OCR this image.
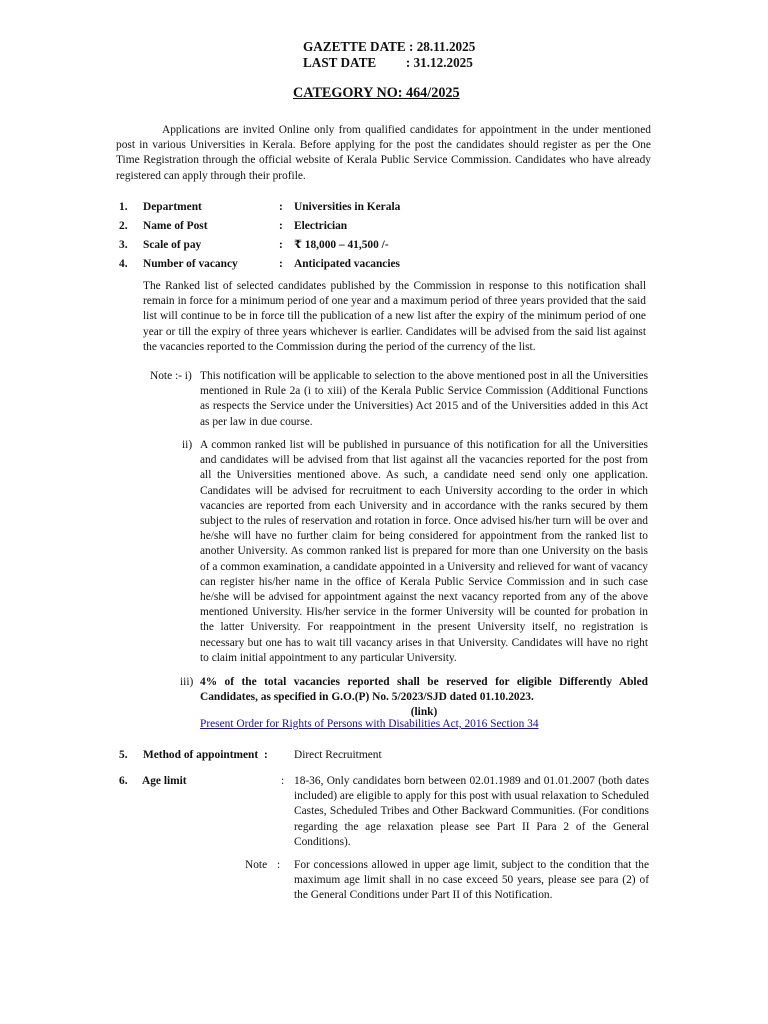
GAZETTE DATE : 28.11.2025
LAST DATE         : 31.12.2025
CATEGORY NO: 464/2025
Applications are invited Online only from qualified candidates for appointment in the under mentioned post in various Universities in Kerala. Before applying for the post the candidates should register as per the One Time Registration through the official website of Kerala Public Service Commission. Candidates who have already registered can apply through their profile.
1. Department	: Universities in Kerala
2. Name of Post	: Electrician
3. Scale of pay	: ₹ 18,000 – 41,500 /-
4. Number of vacancy	: Anticipated vacancies
The Ranked list of selected candidates published by the Commission in response to this notification shall remain in force for a minimum period of one year and a maximum period of three years provided that the said list will continue to be in force till the publication of a new list after the expiry of the minimum period of one year or till the expiry of three years whichever is earlier. Candidates will be advised from the said list against the vacancies reported to the Commission during the period of the currency of the list.
Note :- i) This notification will be applicable to selection to the above mentioned post in all the Universities mentioned in Rule 2a (i to xiii) of the Kerala Public Service Commission (Additional Functions as respects the Service under the Universities) Act 2015 and of the Universities added in this Act as per law in due course.
ii) A common ranked list will be published in pursuance of this notification for all the Universities and candidates will be advised from that list against all the vacancies reported for the post from all the Universities mentioned above. As such, a candidate need send only one application. Candidates will be advised for recruitment to each University according to the order in which vacancies are reported from each University and in accordance with the ranks secured by them subject to the rules of reservation and rotation in force. Once advised his/her turn will be over and he/she will have no further claim for being considered for appointment from the ranked list to another University. As common ranked list is prepared for more than one University on the basis of a common examination, a candidate appointed in a University and relieved for want of vacancy can register his/her name in the office of Kerala Public Service Commission and in such case he/she will be advised for appointment against the next vacancy reported from any of the above mentioned University. His/her service in the former University will be counted for probation in the latter University. For reappointment in the present University itself, no registration is necessary but one has to wait till vacancy arises in that University. Candidates will have no right to claim initial appointment to any particular University.
iii) 4% of the total vacancies reported shall be reserved for eligible Differently Abled Candidates, as specified in G.O.(P) No. 5/2023/SJD dated 01.10.2023.
(link)
Present Order for Rights of Persons with Disabilities Act, 2016 Section 34
5. Method of appointment : Direct Recruitment
6. Age limit	: 18-36, Only candidates born between 02.01.1989 and 01.01.2007 (both dates included) are eligible to apply for this post with usual relaxation to Scheduled Castes, Scheduled Tribes and Other Backward Communities. (For conditions regarding the age relaxation please see Part II Para 2 of the General Conditions).
Note : For concessions allowed in upper age limit, subject to the condition that the maximum age limit shall in no case exceed 50 years, please see para (2) of the General Conditions under Part II of this Notification.
